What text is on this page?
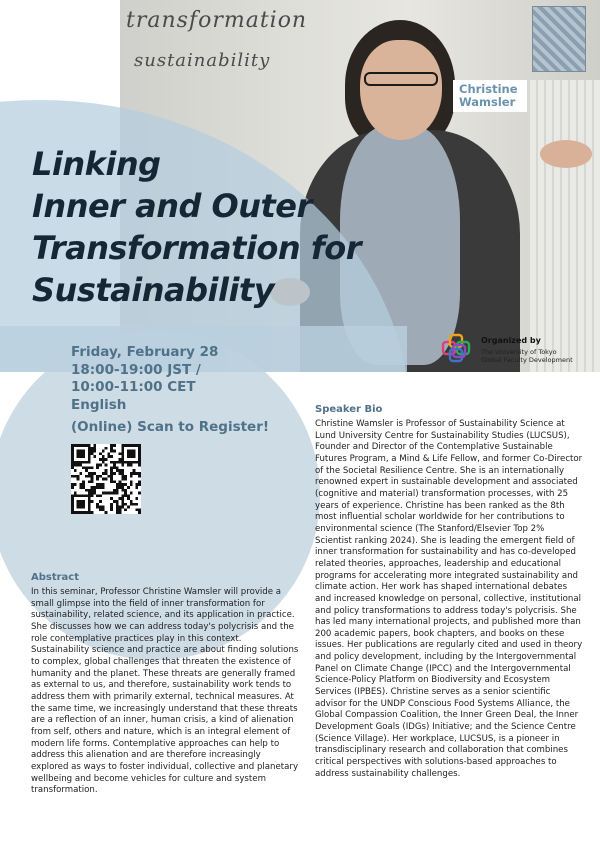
transformation
sustainability
Christine Wamsler
Linking
Inner and Outer
Transformation for
Sustainability
Friday, February 28
18:00-19:00 JST /
10:00-11:00 CET
English
(Online) Scan to Register!
Organized by
The University of Tokyo
Global Faculty Development
Abstract

In this seminar, Professor Christine Wamsler will provide a small glimpse into the field of inner transformation for sustainability, related science, and its application in practice. She discusses how we can address today's polycrisis and the role contemplative practices play in this context. Sustainability science and practice are about finding solutions to complex, global challenges that threaten the existence of humanity and the planet. These threats are generally framed as external to us, and therefore, sustainability work tends to address them with primarily external, technical measures. At the same time, we increasingly understand that these threats are a reflection of an inner, human crisis, a kind of alienation from self, others and nature, which is an integral element of modern life forms. Contemplative approaches can help to address this alienation and are therefore increasingly explored as ways to foster individual, collective and planetary wellbeing and become vehicles for culture and system transformation.

Speaker Bio

Christine Wamsler is Professor of Sustainability Science at Lund University Centre for Sustainability Studies (LUCSUS), Founder and Director of the Contemplative Sustainable Futures Program, a Mind & Life Fellow, and former Co-Director of the Societal Resilience Centre. She is an internationally renowned expert in sustainable development and associated (cognitive and material) transformation processes, with 25 years of experience. Christine has been ranked as the 8th most influential scholar worldwide for her contributions to environmental science (The Stanford/Elsevier Top 2% Scientist ranking 2024). She is leading the emergent field of inner transformation for sustainability and has co-developed related theories, approaches, leadership and educational programs for accelerating more integrated sustainability and climate action. Her work has shaped international debates and increased knowledge on personal, collective, institutional and policy transformations to address today's polycrisis. She has led many international projects, and published more than 200 academic papers, book chapters, and books on these issues. Her publications are regularly cited and used in theory and policy development, including by the Intergovernmental Panel on Climate Change (IPCC) and the Intergovernmental Science-Policy Platform on Biodiversity and Ecosystem Services (IPBES). Christine serves as a senior scientific advisor for the UNDP Conscious Food Systems Alliance, the Global Compassion Coalition, the Inner Green Deal, the Inner Development Goals (IDGs) Initiative; and the Science Centre (Science Village). Her workplace, LUCSUS, is a pioneer in transdisciplinary research and collaboration that combines critical perspectives with solutions-based approaches to address sustainability challenges.
